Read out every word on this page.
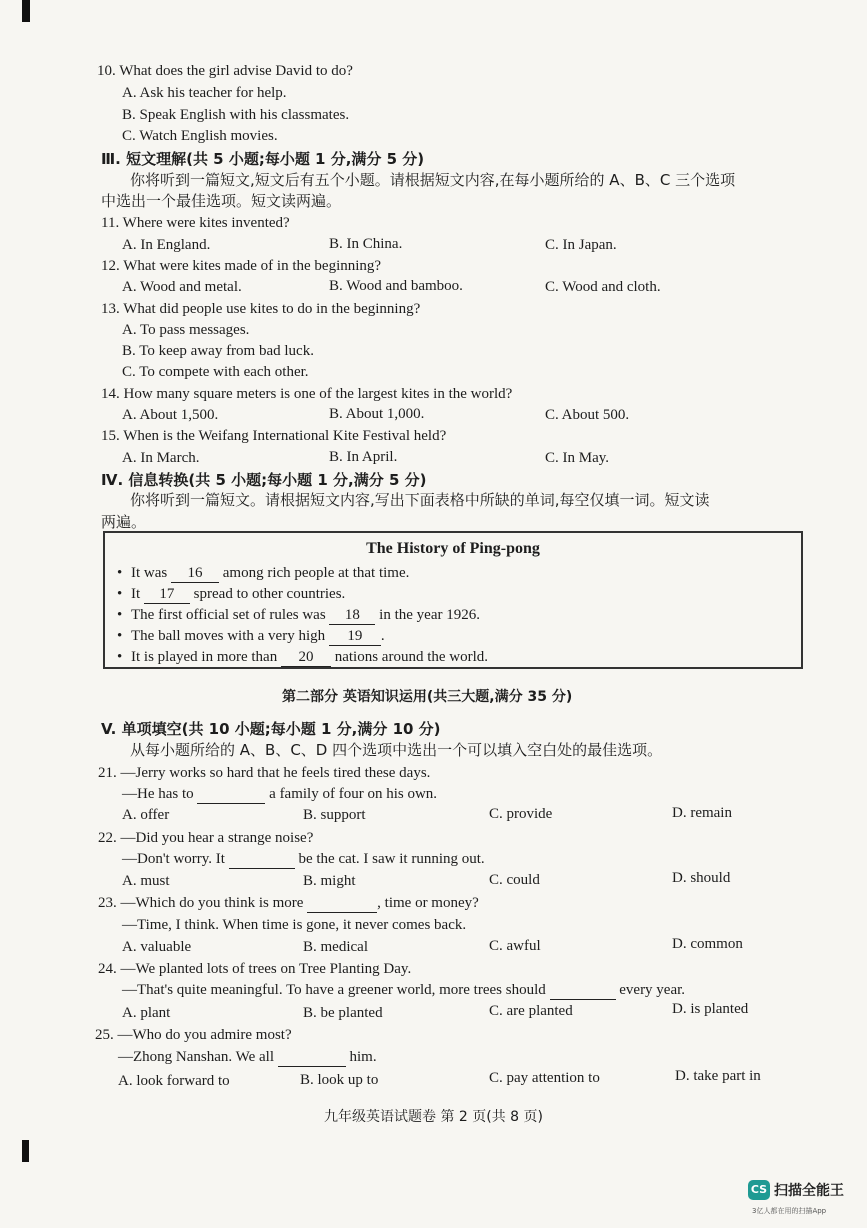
10. What does the girl advise David to do?
A. Ask his teacher for help.
B. Speak English with his classmates.
C. Watch English movies.
Ⅲ. 短文理解(共 5 小题;每小题 1 分,满分 5 分)
你将听到一篇短文,短文后有五个小题。请根据短文内容,在每小题所给的 A、B、C 三个选项
中选出一个最佳选项。短文读两遍。
11. Where were kites invented?
A. In England.	B. In China.	C. In Japan.
12. What were kites made of in the beginning?
A. Wood and metal.	B. Wood and bamboo.	C. Wood and cloth.
13. What did people use kites to do in the beginning?
A. To pass messages.
B. To keep away from bad luck.
C. To compete with each other.
14. How many square meters is one of the largest kites in the world?
A. About 1,500.	B. About 1,000.	C. About 500.
15. When is the Weifang International Kite Festival held?
A. In March.	B. In April.	C. In May.
Ⅳ. 信息转换(共 5 小题;每小题 1 分,满分 5 分)
你将听到一篇短文。请根据短文内容,写出下面表格中所缺的单词,每空仅填一词。短文读
两遍。
The History of Ping-pong
• It was 16 among rich people at that time.
• It 17 spread to other countries.
• The first official set of rules was 18 in the year 1926.
• The ball moves with a very high 19 .
• It is played in more than 20 nations around the world.
第二部分 英语知识运用(共三大题,满分 35 分)
V. 单项填空(共 10 小题;每小题 1 分,满分 10 分)
从每小题所给的 A、B、C、D 四个选项中选出一个可以填入空白处的最佳选项。
21. —Jerry works so hard that he feels tired these days.
—He has to	a family of four on his own.
A. offer	B. support	C. provide	D. remain
22. —Did you hear a strange noise?
—Don't worry. It	be the cat. I saw it running out.
A. must	B. might	C. could	D. should
23. —Which do you think is more	, time or money?
—Time, I think. When time is gone, it never comes back.
A. valuable	B. medical	C. awful	D. common
24. —We planted lots of trees on Tree Planting Day.
—That's quite meaningful. To have a greener world, more trees should	every year.
A. plant	B. be planted	C. are planted	D. is planted
25. —Who do you admire most?
—Zhong Nanshan. We all	him.
A. look forward to	B. look up to	C. pay attention to	D. take part in
九年级英语试题卷 第 2 页(共 8 页)
CS 扫描全能王
3亿人都在用的扫描App
